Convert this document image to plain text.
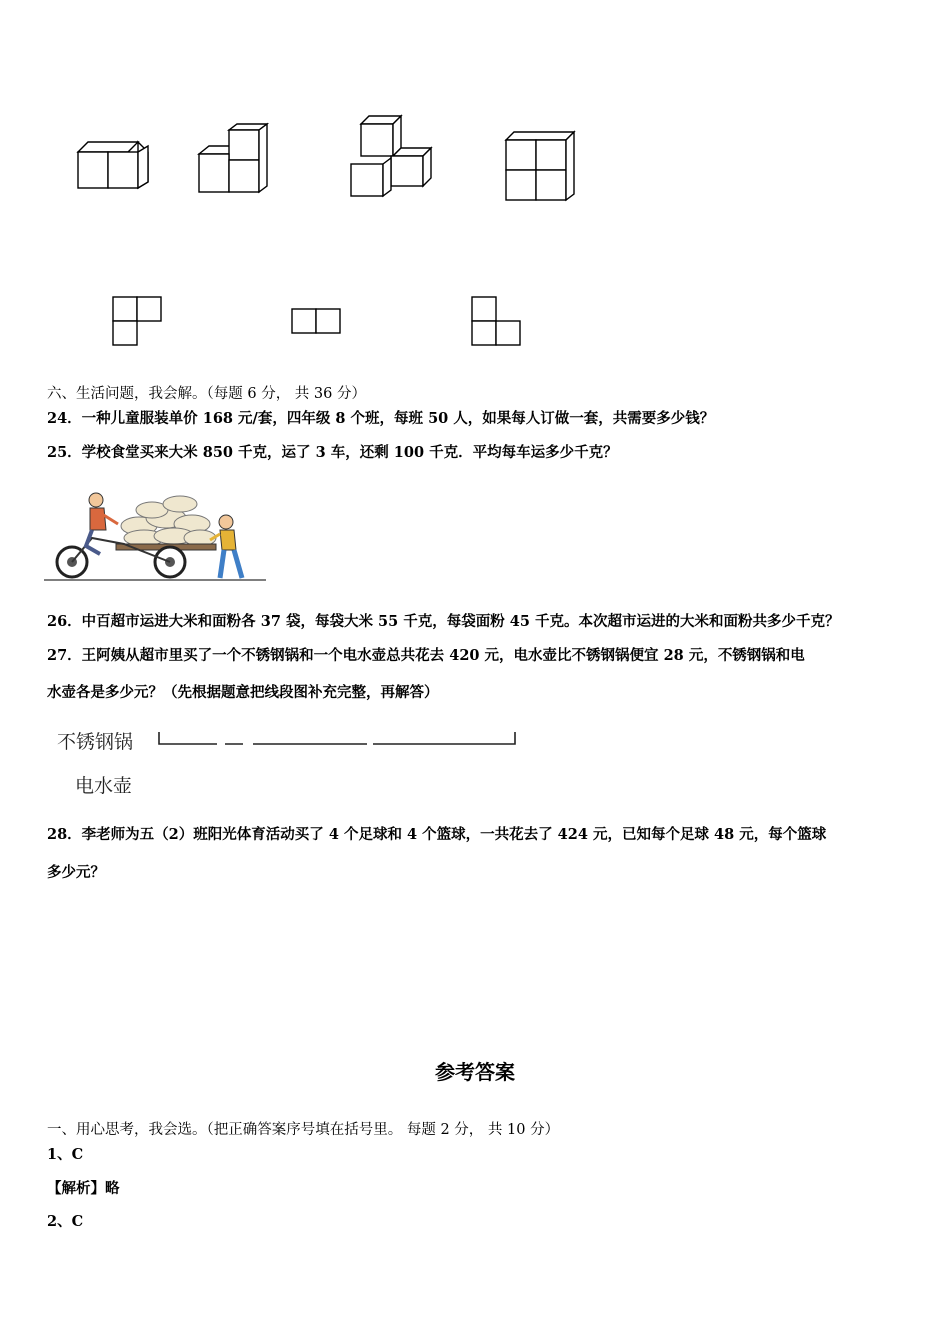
六、生活问题，我会解。（每题 6 分， 共 36 分）
24．一种儿童服装单价 168 元/套，四年级 8 个班，每班 50 人，如果每人订做一套，共需要多少钱？
25．学校食堂买来大米 850 千克，运了 3 车，还剩 100 千克．平均每车运多少千克？
26．中百超市运进大米和面粉各 37 袋，每袋大米 55 千克，每袋面粉 45 千克。本次超市运进的大米和面粉共多少千克？
27．王阿姨从超市里买了一个不锈钢锅和一个电水壶总共花去 420 元，电水壶比不锈钢锅便宜 28 元，不锈钢锅和电
水壶各是多少元？（先根据题意把线段图补充完整，再解答）
不锈钢锅
电水壶
28．李老师为五（2）班阳光体育活动买了 4 个足球和 4 个篮球，一共花去了 424 元，已知每个足球 48 元，每个篮球
多少元？
参考答案
一、用心思考，我会选。（把正确答案序号填在括号里。 每题 2 分， 共 10 分）
1、C
【解析】略
2、C
